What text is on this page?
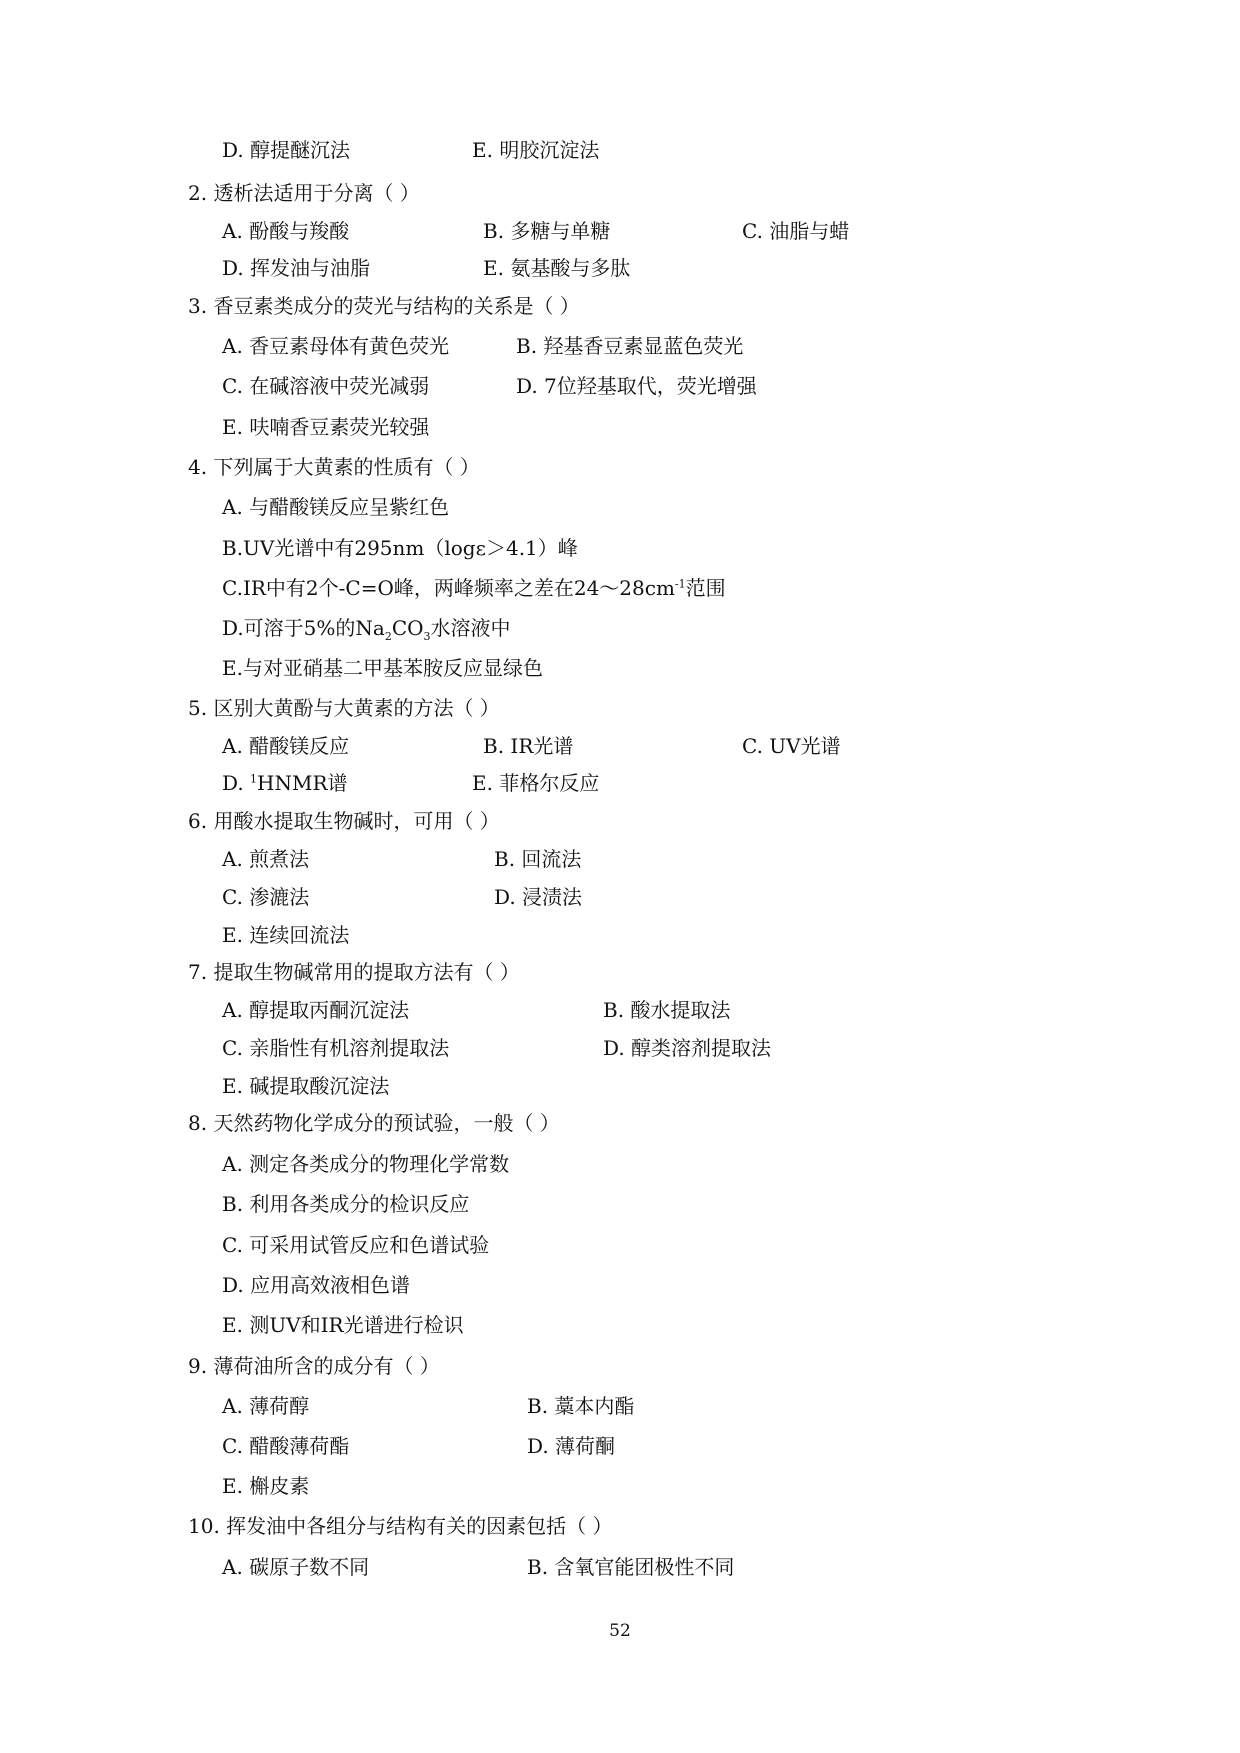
D. 醇提醚沉法	E. 明胶沉淀法
2. 透析法适用于分离（ ）
A. 酚酸与羧酸	B. 多糖与单糖	C. 油脂与蜡
D. 挥发油与油脂	E. 氨基酸与多肽
3. 香豆素类成分的荧光与结构的关系是（ ）
A. 香豆素母体有黄色荧光	B. 羟基香豆素显蓝色荧光
C. 在碱溶液中荧光减弱	D. 7位羟基取代，荧光增强
E. 呋喃香豆素荧光较强
4. 下列属于大黄素的性质有（ ）
A. 与醋酸镁反应呈紫红色
B.UV光谱中有295nm（logε＞4.1）峰
C.IR中有2个-C=O峰，两峰频率之差在$24\sim 28cm^{-1}$范围
D.可溶于5%的$Na_2CO_3$水溶液中
E.与对亚硝基二甲基苯胺反应显绿色
5. 区别大黄酚与大黄素的方法（ ）
A. 醋酸镁反应	B. IR光谱	C. UV光谱
D. $^1$HNMR谱	E. 菲格尔反应
6. 用酸水提取生物碱时，可用（ ）
A. 煎煮法	B. 回流法
C. 渗漉法	D. 浸渍法
E. 连续回流法
7. 提取生物碱常用的提取方法有（ ）
A. 醇提取丙酮沉淀法	B. 酸水提取法
C. 亲脂性有机溶剂提取法	D. 醇类溶剂提取法
E. 碱提取酸沉淀法
8. 天然药物化学成分的预试验，一般（ ）
A. 测定各类成分的物理化学常数
B. 利用各类成分的检识反应
C. 可采用试管反应和色谱试验
D. 应用高效液相色谱
E. 测UV和IR光谱进行检识
9. 薄荷油所含的成分有（ ）
A. 薄荷醇	B. 藁本内酯
C. 醋酸薄荷酯	D. 薄荷酮
E. 槲皮素
10. 挥发油中各组分与结构有关的因素包括（ ）
A. 碳原子数不同	B. 含氧官能团极性不同
52
